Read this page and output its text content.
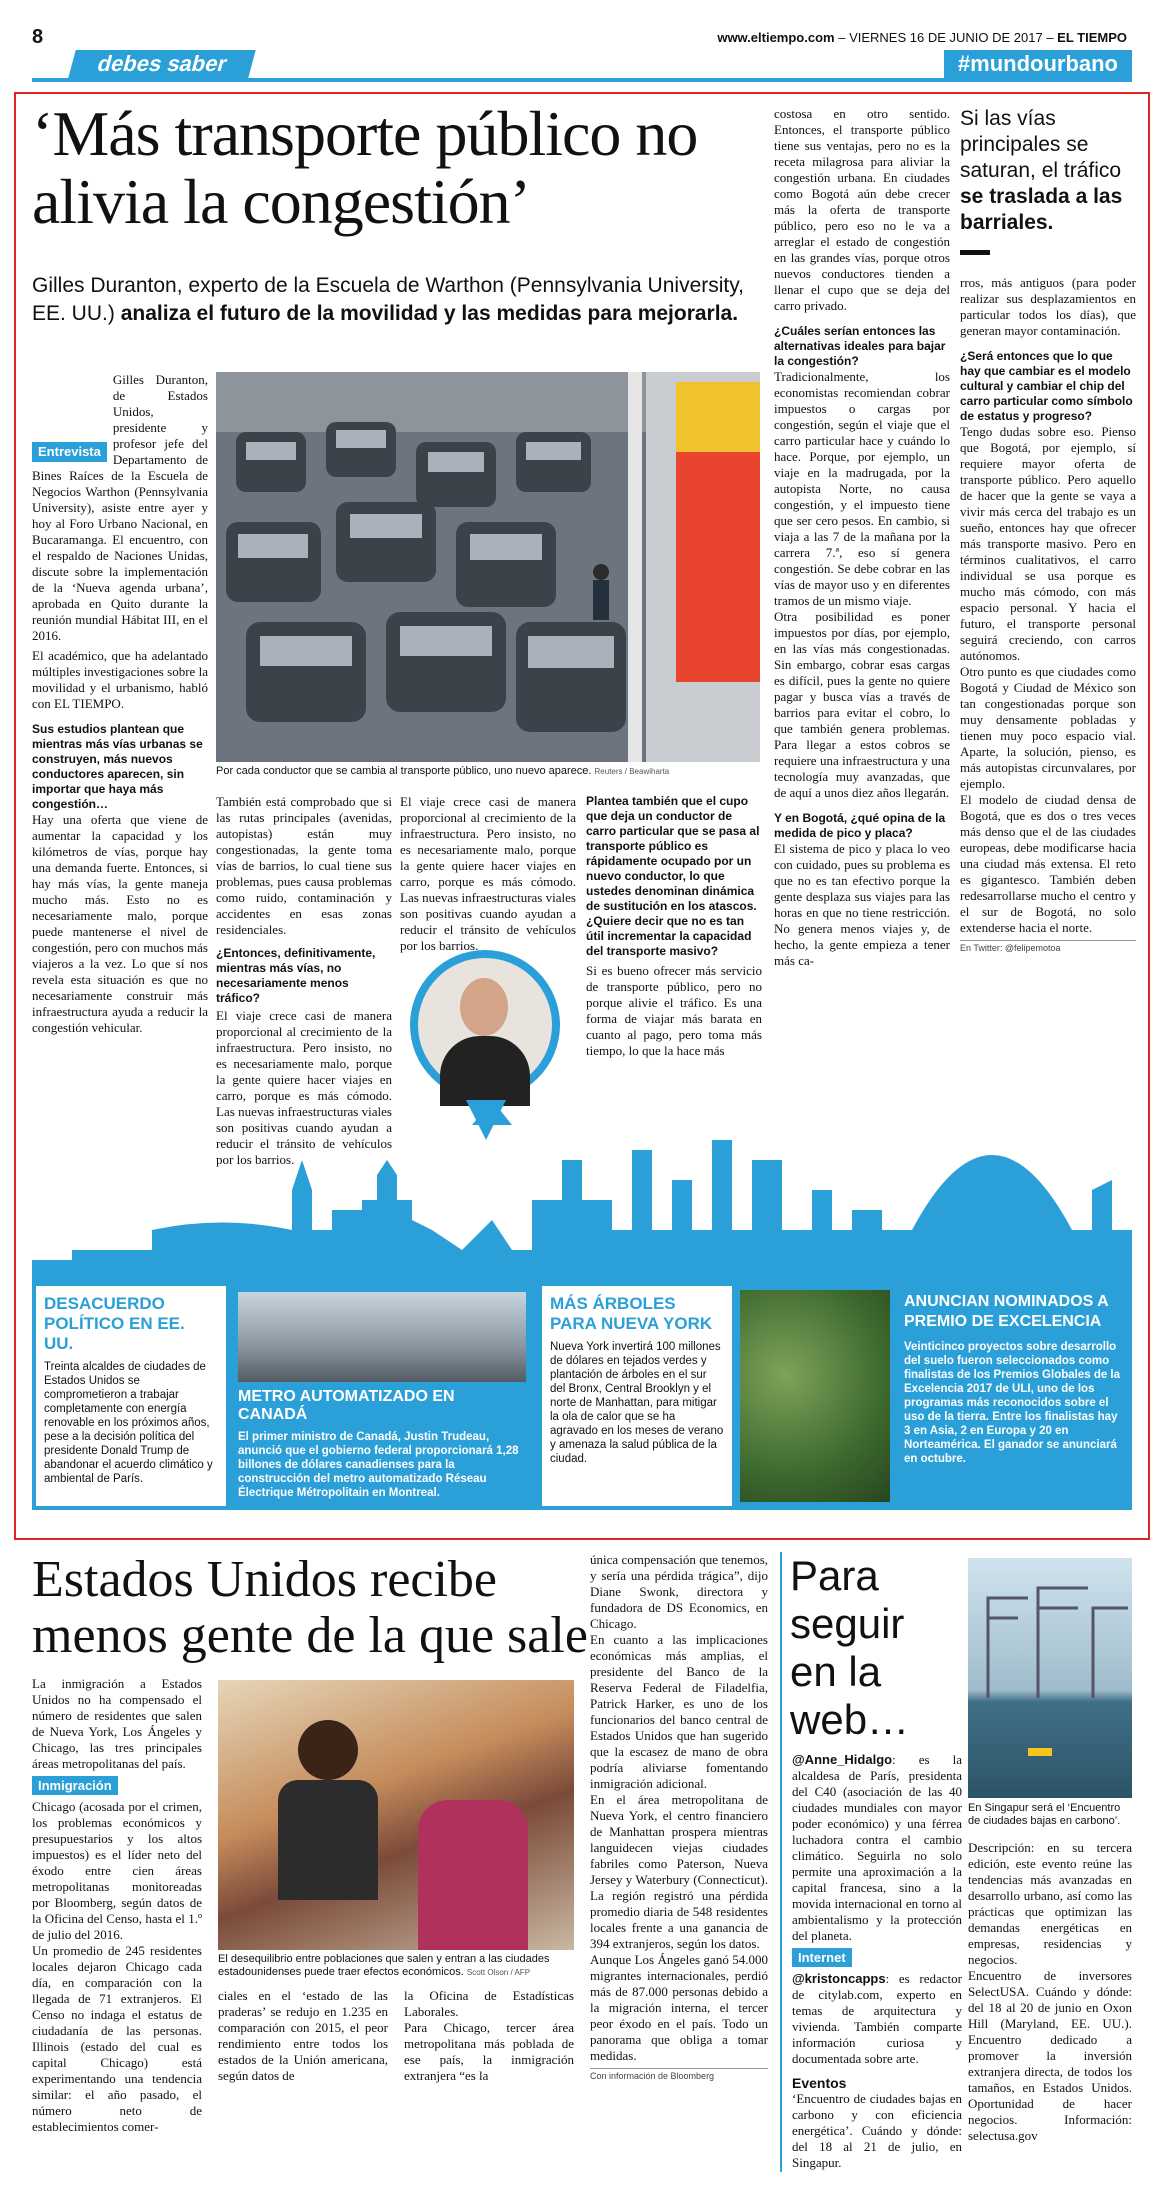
8	www.eltiempo.com – VIERNES 16 DE JUNIO DE 2017 – EL TIEMPO
debes saber	#mundourbano
‘Más transporte público no alivia la congestión’
Gilles Duranton, experto de la Escuela de Warthon (Pennsylvania University, EE. UU.) analiza el futuro de la movilidad y las medidas para mejorarla.

Entrevista
Gilles Duranton, de Estados Unidos, presidente y profesor jefe del Departamento de Bines Raíces de la Escuela de Negocios Warthon (Pennsylvania University), asiste entre ayer y hoy al Foro Urbano Nacional, en Bucaramanga. El encuentro, con el respaldo de Naciones Unidas, discute sobre la implementación de la ‘Nueva agenda urbana’, aprobada en Quito durante la reunión mundial Hábitat III, en el 2016.

El académico, que ha adelantado múltiples investigaciones sobre la movilidad y el urbanismo, habló con EL TIEMPO.

Sus estudios plantean que mientras más vías urbanas se construyen, más nuevos conductores aparecen, sin importar que haya más congestión…

Hay una oferta que viene de aumentar la capacidad y los kilómetros de vías, porque hay una demanda fuerte. Entonces, si hay más vías, la gente maneja mucho más. Esto no es necesariamente malo, porque puede mantenerse el nivel de congestión, pero con muchos más viajeros a la vez. Lo que sí nos revela esta situación es que no necesariamente construir más infraestructura ayuda a reducir la congestión vehicular.

Por cada conductor que se cambia al transporte público, uno nuevo aparece. Reuters / Beawiharta

También está comprobado que si las rutas principales (avenidas, autopistas) están muy congestionadas, la gente toma vías de barrios, lo cual tiene sus problemas, pues causa problemas como ruido, contaminación y accidentes en esas zonas residenciales.

¿Entonces, definitivamente, mientras más vías, no necesariamente menos tráfico?

El viaje crece casi de manera proporcional al crecimiento de la infraestructura. Pero insisto, no es necesariamente malo, porque la gente quiere hacer viajes en carro, porque es más cómodo. Las nuevas infraestructuras viales son positivas cuando ayudan a reducir el tránsito de vehículos por los barrios.

El viaje crece casi de manera proporcional al crecimiento de la infraestructura. Pero insisto, no es necesariamente malo, porque la gente quiere hacer viajes en carro, porque es más cómodo. Las nuevas infraestructuras viales son positivas cuando ayudan a reducir el tránsito de vehículos por los barrios.

Plantea también que el cupo que deja un conductor de carro particular que se pasa al transporte público es rápidamente ocupado por un nuevo conductor, lo que ustedes denominan dinámica de sustitución en los atascos. ¿Quiere decir que no es tan útil incrementar la capacidad del transporte masivo?

Si es bueno ofrecer más servicio de transporte público, pero no porque alivie el tráfico. Es una forma de viajar más barata en cuanto al pago, pero toma más tiempo, lo que la hace más

costosa en otro sentido. Entonces, el transporte público tiene sus ventajas, pero no es la receta milagrosa para aliviar la congestión urbana. En ciudades como Bogotá aún debe crecer más la oferta de transporte público, pero eso no le va a arreglar el estado de congestión en las grandes vías, porque otros nuevos conductores tienden a llenar el cupo que se deja del carro privado.

¿Cuáles serían entonces las alternativas ideales para bajar la congestión?

Tradicionalmente, los economistas recomiendan cobrar impuestos o cargas por congestión, según el viaje que el carro particular hace y cuándo lo hace. Porque, por ejemplo, un viaje en la madrugada, por la autopista Norte, no causa congestión, y el impuesto tiene que ser cero pesos. En cambio, si viaja a las 7 de la mañana por la carrera 7.ª, eso sí genera congestión. Se debe cobrar en las vías de mayor uso y en diferentes tramos de un mismo viaje.

Otra posibilidad es poner impuestos por días, por ejemplo, en las vías más congestionadas. Sin embargo, cobrar esas cargas es difícil, pues la gente no quiere pagar y busca vías a través de barrios para evitar el cobro, lo que también genera problemas. Para llegar a estos cobros se requiere una infraestructura y una tecnología muy avanzadas, que de aquí a unos diez años llegarán.

Y en Bogotá, ¿qué opina de la medida de pico y placa?

El sistema de pico y placa lo veo con cuidado, pues su problema es que no es tan efectivo porque la gente desplaza sus viajes para las horas en que no tiene restricción. No genera menos viajes y, de hecho, la gente empieza a tener más ca-

Si las vías principales se saturan, el tráfico se traslada a las barriales.

rros, más antiguos (para poder realizar sus desplazamientos en particular todos los días), que generan mayor contaminación.

¿Será entonces que lo que hay que cambiar es el modelo cultural y cambiar el chip del carro particular como símbolo de estatus y progreso?

Tengo dudas sobre eso. Pienso que Bogotá, por ejemplo, sí requiere mayor oferta de transporte público. Pero aquello de hacer que la gente se vaya a vivir más cerca del trabajo es un sueño, entonces hay que ofrecer más transporte masivo. Pero en términos cualitativos, el carro individual se usa porque es mucho más cómodo, con más espacio personal. Y hacia el futuro, el transporte personal seguirá creciendo, con carros autónomos.

Otro punto es que ciudades como Bogotá y Ciudad de México son tan congestionadas porque son muy densamente pobladas y tienen muy poco espacio vial. Aparte, la solución, pienso, es más autopistas circunvalares, por ejemplo.

El modelo de ciudad densa de Bogotá, que es dos o tres veces más denso que el de las ciudades europeas, debe modificarse hacia una ciudad más extensa. El reto es gigantesco. También deben redesarrollarse mucho el centro y el sur de Bogotá, no solo extenderse hacia el norte.

En Twitter: @felipemotoa
DESACUERDO POLÍTICO EN EE. UU.
Treinta alcaldes de ciudades de Estados Unidos se comprometieron a trabajar completamente con energía renovable en los próximos años, pese a la decisión política del presidente Donald Trump de abandonar el acuerdo climático y ambiental de París.
METRO AUTOMATIZADO EN CANADÁ
El primer ministro de Canadá, Justin Trudeau, anunció que el gobierno federal proporcionará 1,28 billones de dólares canadienses para la construcción del metro automatizado Réseau Électrique Métropolitain en Montreal.
MÁS ÁRBOLES PARA NUEVA YORK
Nueva York invertirá 100 millones de dólares en tejados verdes y plantación de árboles en el sur del Bronx, Central Brooklyn y el norte de Manhattan, para mitigar la ola de calor que se ha agravado en los meses de verano y amenaza la salud pública de la ciudad.
ANUNCIAN NOMINADOS A PREMIO DE EXCELENCIA
Veinticinco proyectos sobre desarrollo del suelo fueron seleccionados como finalistas de los Premios Globales de la Excelencia 2017 de ULI, uno de los programas más reconocidos sobre el uso de la tierra. Entre los finalistas hay 3 en Asia, 2 en Europa y 20 en Norteamérica. El ganador se anunciará en octubre.
Estados Unidos recibe menos gente de la que sale

La inmigración a Estados Unidos no ha compensado el número de residentes que salen de Nueva York, Los Ángeles y Chicago, las tres principales áreas metropolitanas del país.

Inmigración

Chicago (acosada por el crimen, los problemas económicos y presupuestarios y los altos impuestos) es el líder neto del éxodo entre cien áreas metropolitanas monitoreadas por Bloomberg, según datos de la Oficina del Censo, hasta el 1.º de julio del 2016.

Un promedio de 245 residentes locales dejaron Chicago cada día, en comparación con la llegada de 71 extranjeros. El Censo no indaga el estatus de ciudadanía de las personas. Illinois (estado del cual es capital Chicago) está experimentando una tendencia similar: el año pasado, el número neto de establecimientos comer-

El desequilibrio entre poblaciones que salen y entran a las ciudades estadounidenses puede traer efectos económicos. Scott Olson / AFP

ciales en el ‘estado de las praderas’ se redujo en 1.235 en comparación con 2015, el peor rendimiento entre todos los estados de la Unión americana, según datos de

la Oficina de Estadísticas Laborales.

Para Chicago, tercer área metropolitana más poblada de ese país, la inmigración extranjera “es la

única compensación que tenemos, y sería una pérdida trágica”, dijo Diane Swonk, directora y fundadora de DS Economics, en Chicago.

En cuanto a las implicaciones económicas más amplias, el presidente del Banco de la Reserva Federal de Filadelfia, Patrick Harker, es uno de los funcionarios del banco central de Estados Unidos que han sugerido que la escasez de mano de obra podría aliviarse fomentando inmigración adicional.

En el área metropolitana de Nueva York, el centro financiero de Manhattan prospera mientras languidecen viejas ciudades fabriles como Paterson, Nueva Jersey y Waterbury (Connecticut). La región registró una pérdida promedio diaria de 548 residentes locales frente a una ganancia de 394 extranjeros, según los datos.

Aunque Los Ángeles ganó 54.000 migrantes internacionales, perdió más de 87.000 personas debido a la migración interna, el tercer peor éxodo en el país. Todo un panorama que obliga a tomar medidas.

Con información de Bloomberg
Para seguir en la web…

@Anne_Hidalgo: es la alcaldesa de París, presidenta del C40 (asociación de las 40 ciudades mundiales con mayor poder económico) y una férrea luchadora contra el cambio climático. Seguirla no solo permite una aproximación a la capital francesa, sino a la movida internacional en torno al ambientalismo y la protección del planeta.

Internet

@kristoncapps: es redactor de citylab.com, experto en temas de arquitectura y vivienda. También comparte información curiosa y documentada sobre arte.

Eventos

‘Encuentro de ciudades bajas en carbono y con eficiencia energética’. Cuándo y dónde: del 18 al 21 de julio, en Singapur.

En Singapur será el ‘Encuentro de ciudades bajas en carbono’.

Descripción: en su tercera edición, este evento reúne las tendencias más avanzadas en desarrollo urbano, así como las prácticas que optimizan las demandas energéticas en empresas, residencias y negocios.

Encuentro de inversores SelectUSA. Cuándo y dónde: del 18 al 20 de junio en Oxon Hill (Maryland, EE. UU.). Encuentro dedicado a promover la inversión extranjera directa, de todos los tamaños, en Estados Unidos. Oportunidad de hacer negocios. Información: selectusa.gov
